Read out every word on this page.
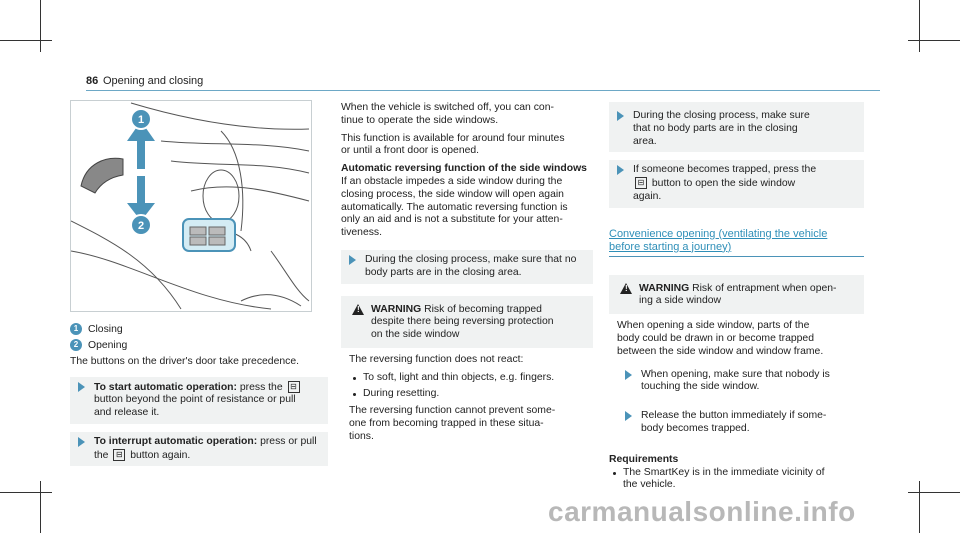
86 Opening and closing
1
2
1 Closing
2 Opening

The buttons on the driver's door take precedence.

To start automatic operation: press the ⊟
button beyond the point of resistance or pull
and release it.
To interrupt automatic operation: press or pull
the ⊟ button again.

When the vehicle is switched off, you can con-
tinue to operate the side windows.

This function is available for around four minutes
or until a front door is opened.

Automatic reversing function of the side windows

If an obstacle impedes a side window during the
closing process, the side window will open again
automatically. The automatic reversing function is
only an aid and is not a substitute for your atten-
tiveness.

During the closing process, make sure that no
body parts are in the closing area.
! WARNING Risk of becoming trapped
despite there being reversing protection
on the side window

The reversing function does not react:

To soft, light and thin objects, e.g. fingers.
During resetting.

The reversing function cannot prevent some-
one from becoming trapped in these situa-
tions.

During the closing process, make sure
that no body parts are in the closing
area.
If someone becomes trapped, press the
⊟ button to open the side window
again.
Convenience opening (ventilating the vehicle
before starting a journey)
! WARNING Risk of entrapment when open-
ing a side window

When opening a side window, parts of the
body could be drawn in or become trapped
between the side window and window frame.

When opening, make sure that nobody is
touching the side window.
Release the button immediately if some-
body becomes trapped.
Requirements
The SmartKey is in the immediate vicinity of
the vehicle.
carmanualsonline.info
